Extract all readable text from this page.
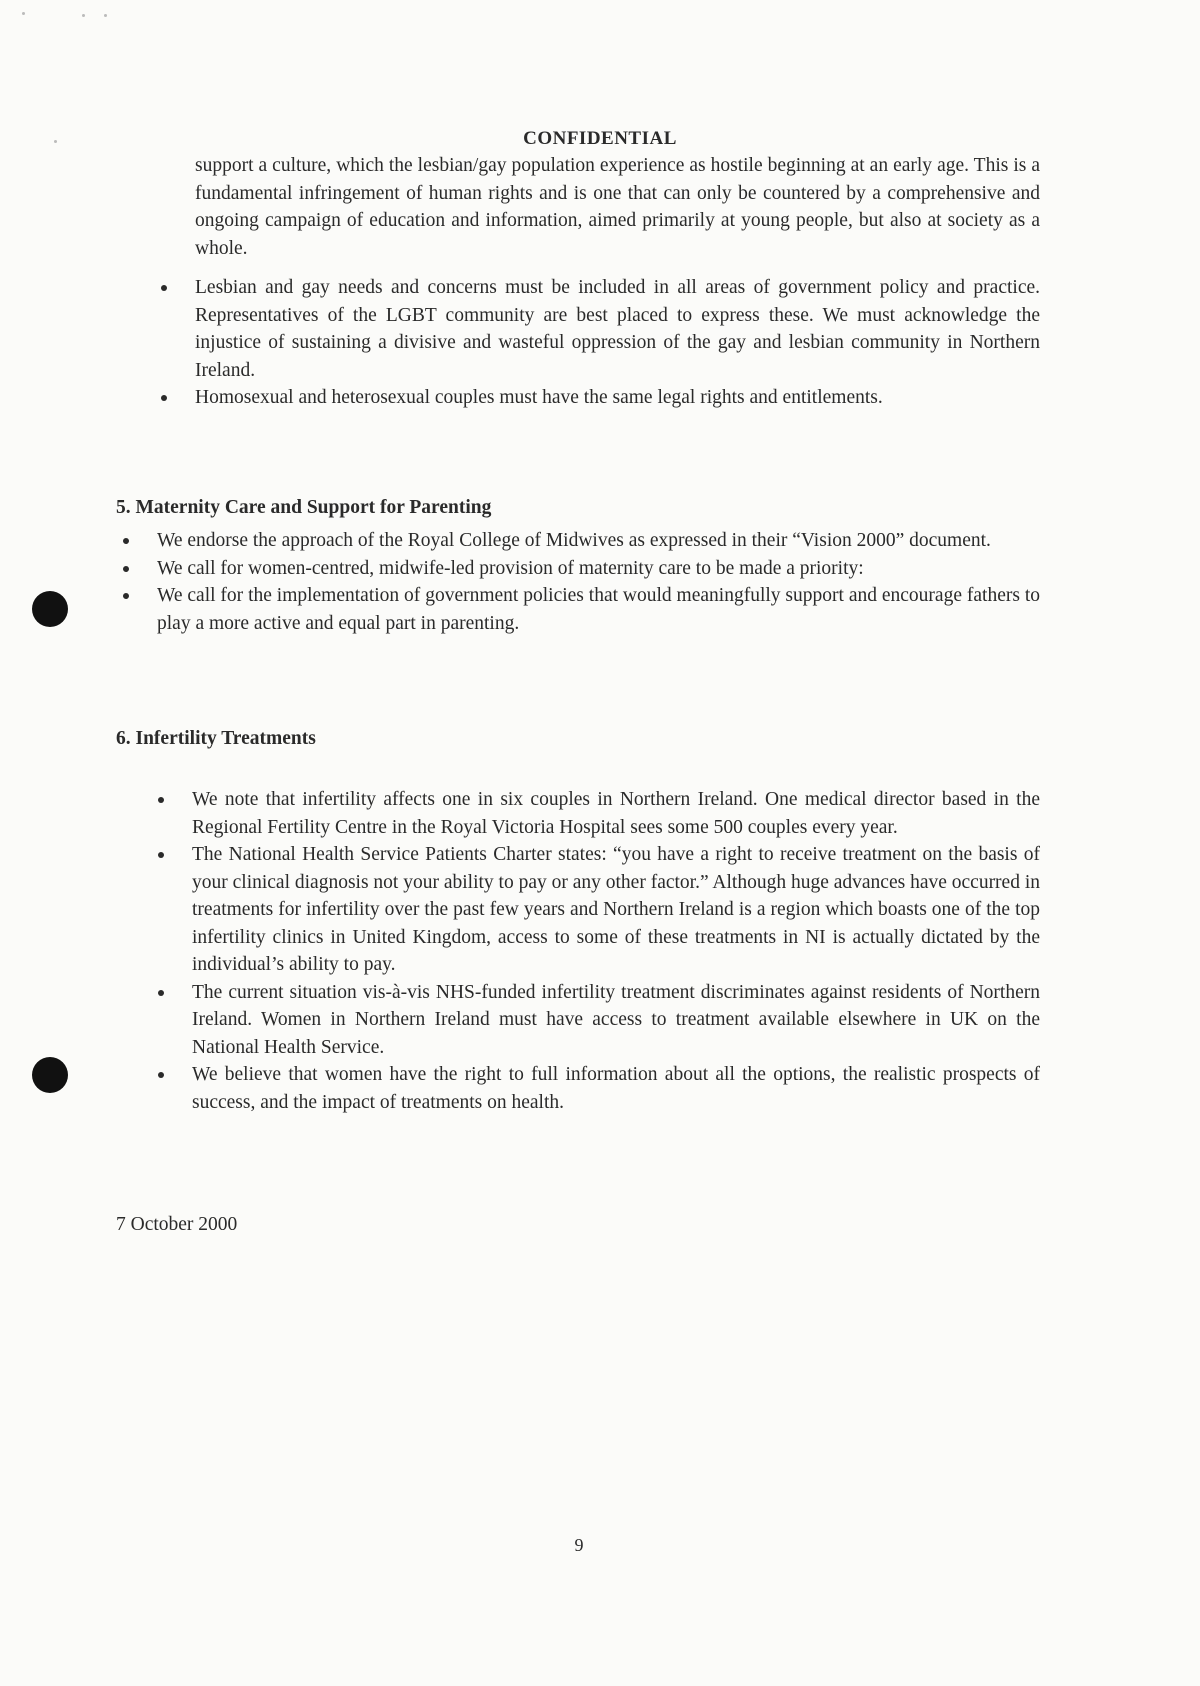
CONFIDENTIAL
support a culture, which the lesbian/gay population experience as hostile beginning at an early age. This is a fundamental infringement of human rights and is one that can only be countered by a comprehensive and ongoing campaign of education and information, aimed primarily at young people, but also at society as a whole.
Lesbian and gay needs and concerns must be included in all areas of government policy and practice. Representatives of the LGBT community are best placed to express these. We must acknowledge the injustice of sustaining a divisive and wasteful oppression of the gay and lesbian community in Northern Ireland.
Homosexual and heterosexual couples must have the same legal rights and entitlements.
5. Maternity Care and Support for Parenting
We endorse the approach of the Royal College of Midwives as expressed in their “Vision 2000” document.
We call for women-centred, midwife-led provision of maternity care to be made a priority:
We call for the implementation of government policies that would meaningfully support and encourage fathers to play a more active and equal part in parenting.
6. Infertility Treatments
We note that infertility affects one in six couples in Northern Ireland. One medical director based in the Regional Fertility Centre in the Royal Victoria Hospital sees some 500 couples every year.
The National Health Service Patients Charter states: “you have a right to receive treatment on the basis of your clinical diagnosis not your ability to pay or any other factor.” Although huge advances have occurred in treatments for infertility over the past few years and Northern Ireland is a region which boasts one of the top infertility clinics in United Kingdom, access to some of these treatments in NI is actually dictated by the individual’s ability to pay.
The current situation vis-à-vis NHS-funded infertility treatment discriminates against residents of Northern Ireland. Women in Northern Ireland must have access to treatment available elsewhere in UK on the National Health Service.
We believe that women have the right to full information about all the options, the realistic prospects of success, and the impact of treatments on health.
7 October 2000
9
